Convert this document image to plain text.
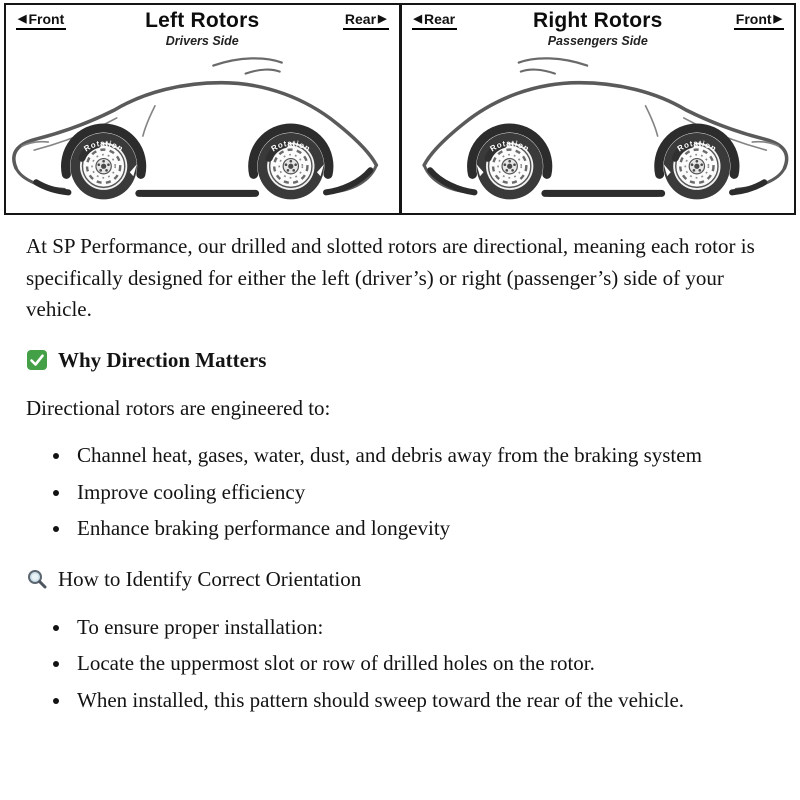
◀ Front	Left Rotors
Drivers Side
Rear ▶
Rotation	Rotation
◀ Rear	Right Rotors
Passengers Side
Front ▶
Rotation	Rotation

At SP Performance, our drilled and slotted rotors are directional, meaning each rotor is specifically designed for either the left (driver’s) or right (passenger’s) side of your vehicle.

Why Direction Matters

Directional rotors are engineered to:

• Channel heat, gases, water, dust, and debris away from the braking system
• Improve cooling efficiency
• Enhance braking performance and longevity
How to Identify Correct Orientation
• To ensure proper installation:
• Locate the uppermost slot or row of drilled holes on the rotor.
• When installed, this pattern should sweep toward the rear of the vehicle.
